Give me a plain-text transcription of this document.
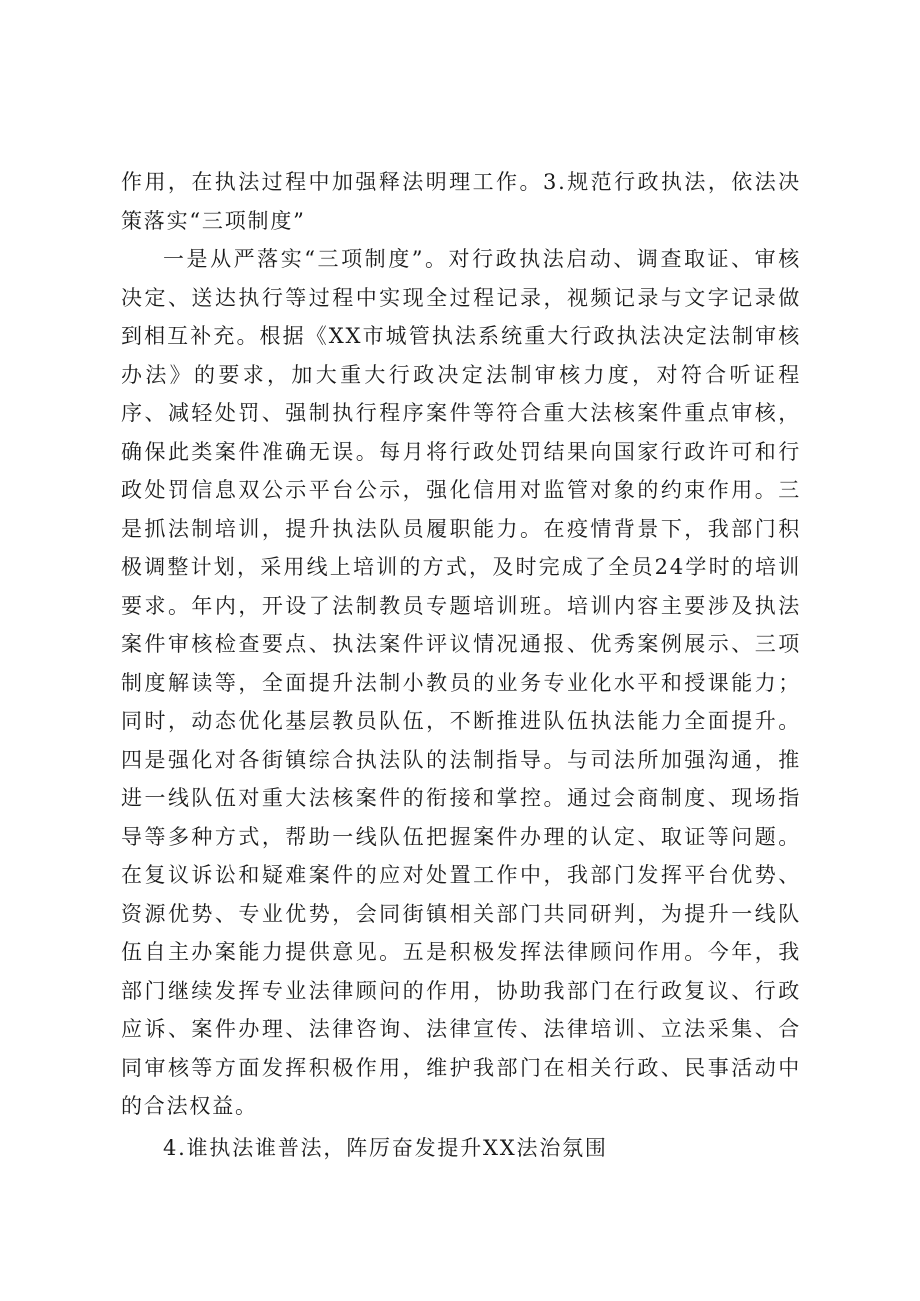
作用，在执法过程中加强释法明理工作。3.规范行政执法，依法决策落实“三项制度”

一是从严落实“三项制度”。对行政执法启动、调查取证、审核决定、送达执行等过程中实现全过程记录，视频记录与文字记录做到相互补充。根据《XX市城管执法系统重大行政执法决定法制审核办法》的要求，加大重大行政决定法制审核力度，对符合听证程序、减轻处罚、强制执行程序案件等符合重大法核案件重点审核，确保此类案件准确无误。每月将行政处罚结果向国家行政许可和行政处罚信息双公示平台公示，强化信用对监管对象的约束作用。三是抓法制培训，提升执法队员履职能力。在疫情背景下，我部门积极调整计划，采用线上培训的方式，及时完成了全员24学时的培训要求。年内，开设了法制教员专题培训班。培训内容主要涉及执法案件审核检查要点、执法案件评议情况通报、优秀案例展示、三项制度解读等，全面提升法制小教员的业务专业化水平和授课能力；同时，动态优化基层教员队伍，不断推进队伍执法能力全面提升。四是强化对各街镇综合执法队的法制指导。与司法所加强沟通，推进一线队伍对重大法核案件的衔接和掌控。通过会商制度、现场指导等多种方式，帮助一线队伍把握案件办理的认定、取证等问题。在复议诉讼和疑难案件的应对处置工作中，我部门发挥平台优势、资源优势、专业优势，会同街镇相关部门共同研判，为提升一线队伍自主办案能力提供意见。五是积极发挥法律顾问作用。今年，我部门继续发挥专业法律顾问的作用，协助我部门在行政复议、行政应诉、案件办理、法律咨询、法律宣传、法律培训、立法采集、合同审核等方面发挥积极作用，维护我部门在相关行政、民事活动中的合法权益。

4.谁执法谁普法，阵厉奋发提升XX法治氛围
